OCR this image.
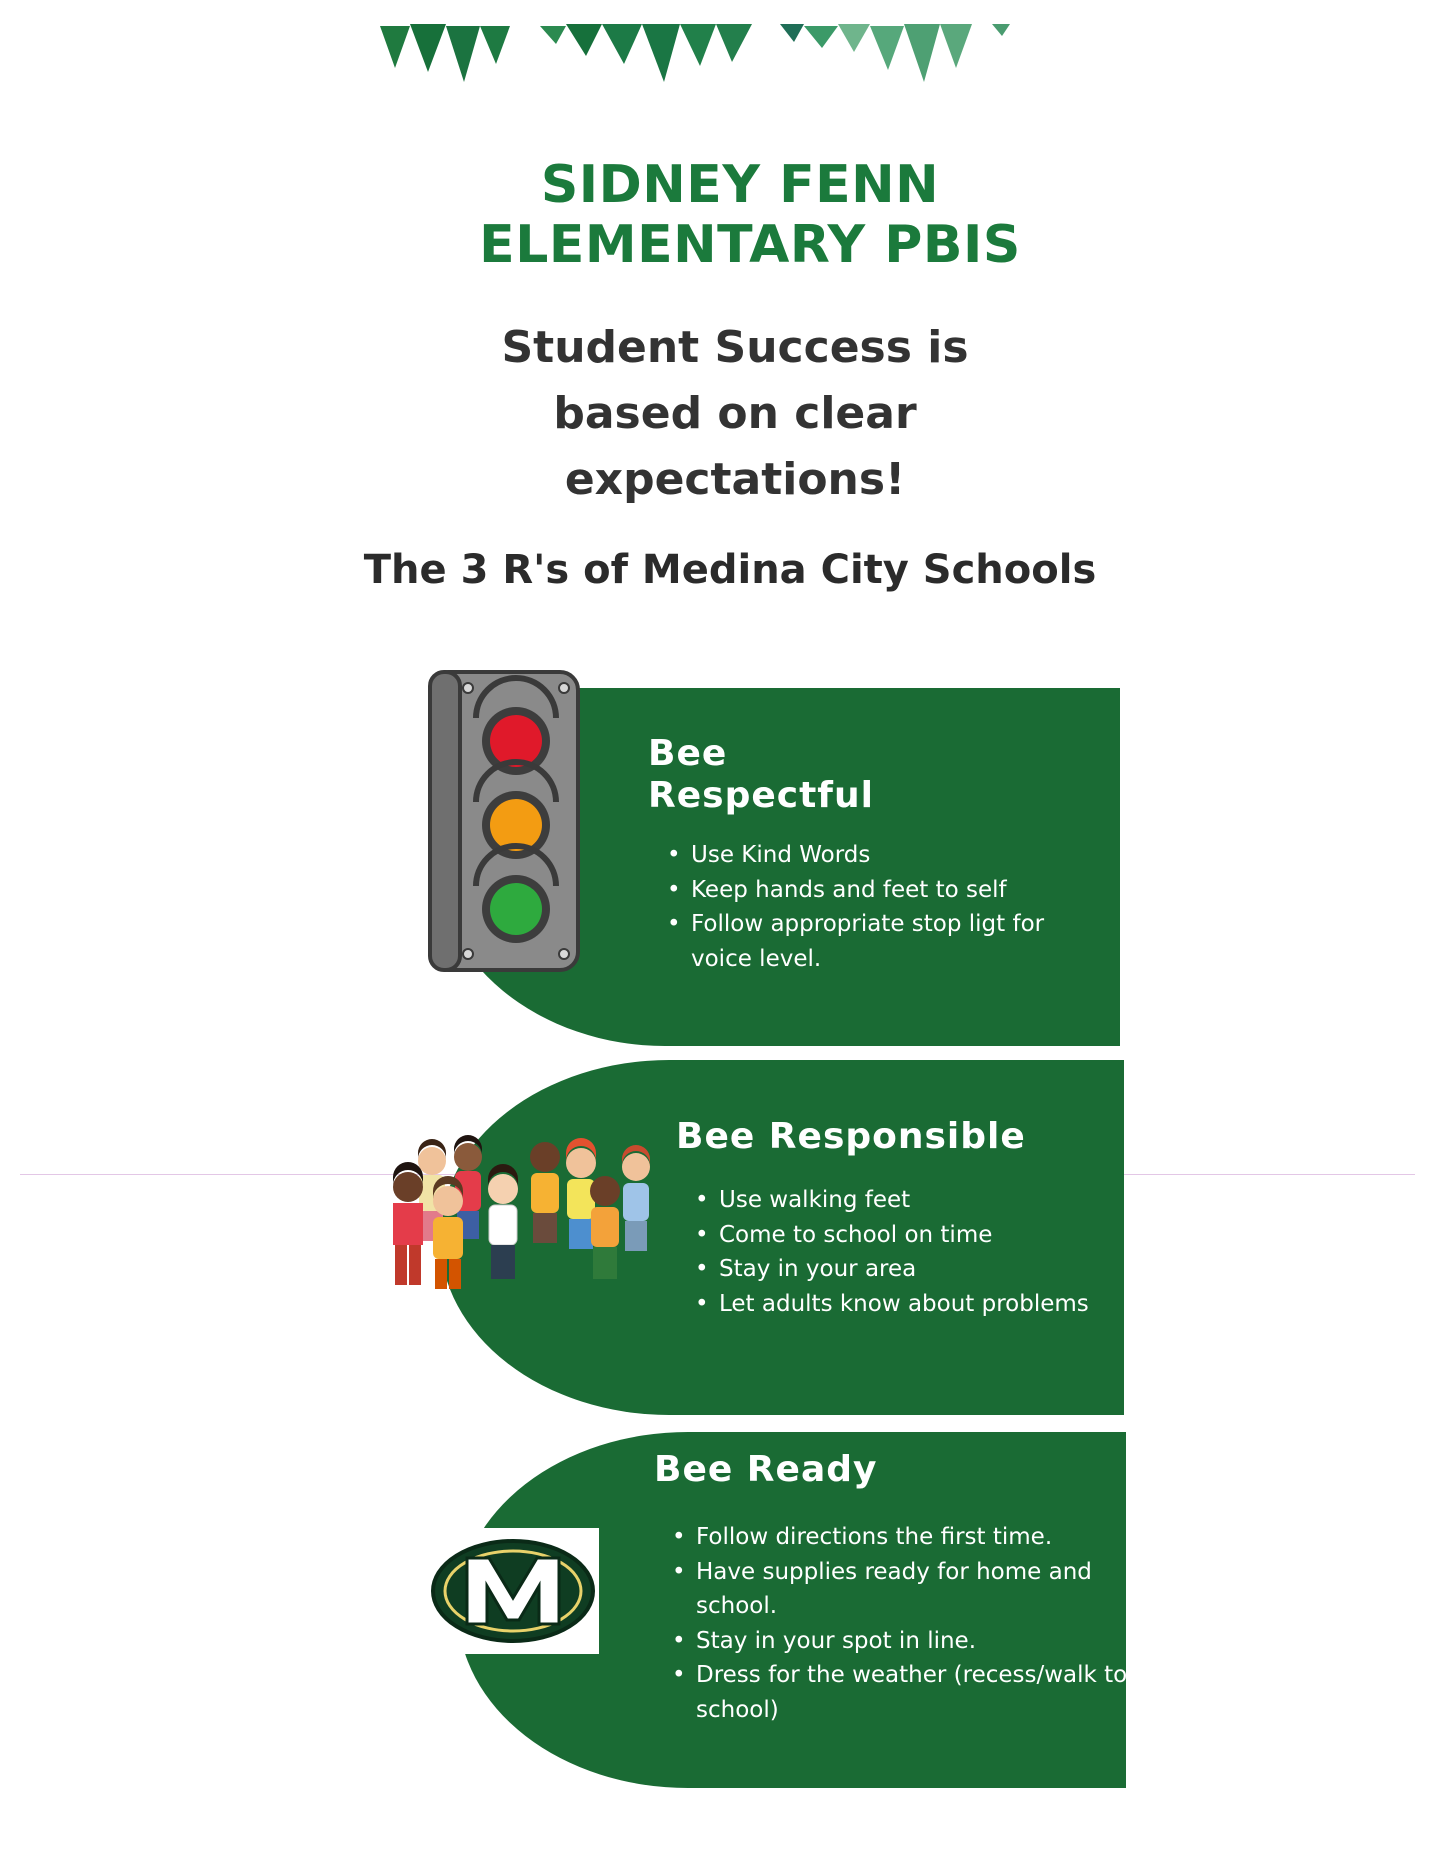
SIDNEY FENN
ELEMENTARY PBIS
Student Success is
based on clear
expectations!
The 3 R's of Medina City Schools
Bee
Respectful
• Use Kind Words
• Keep hands and feet to self
• Follow appropriate stop ligt for voice level.
Bee Responsible
• Use walking feet
• Come to school on time
• Stay in your area
• Let adults know about problems
Bee Ready
• Follow directions the first time.
• Have supplies ready for home and school.
• Stay in your spot in line.
• Dress for the weather (recess/walk to school)
